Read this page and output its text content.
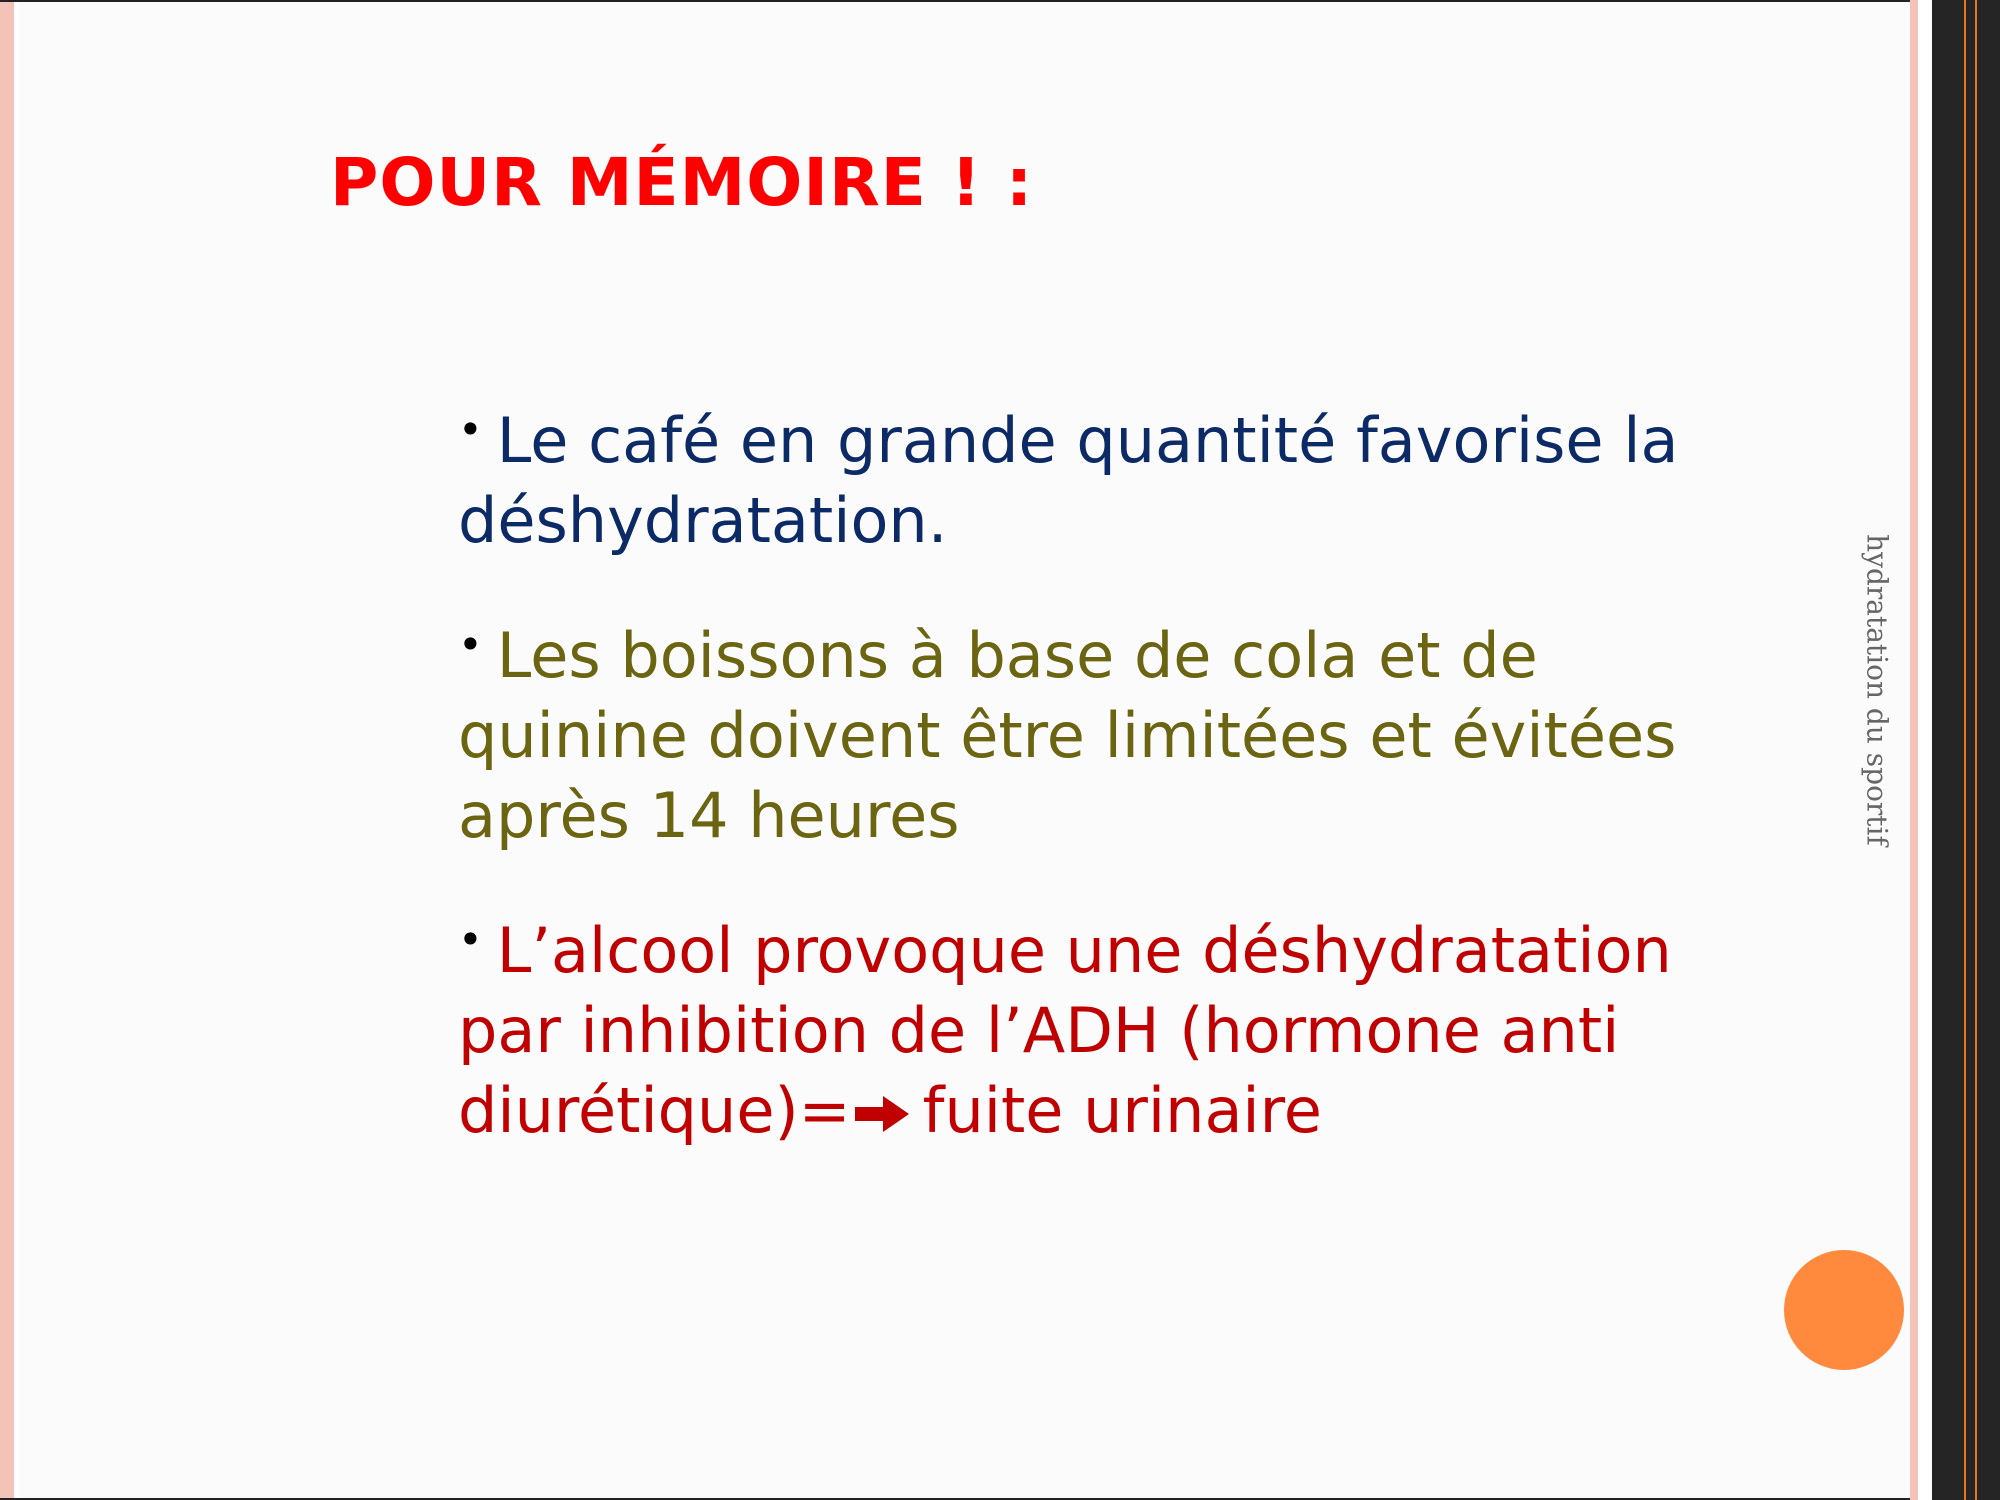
POUR MÉMOIRE ! :
• Le café en grande quantité favorise la déshydratation.
• Les boissons à base de cola et de quinine doivent être limitées et évitées après 14 heures
• L’alcool provoque une déshydratation par inhibition de l’ADH (hormone anti diurétique)= fuite urinaire
hydratation du sportif
